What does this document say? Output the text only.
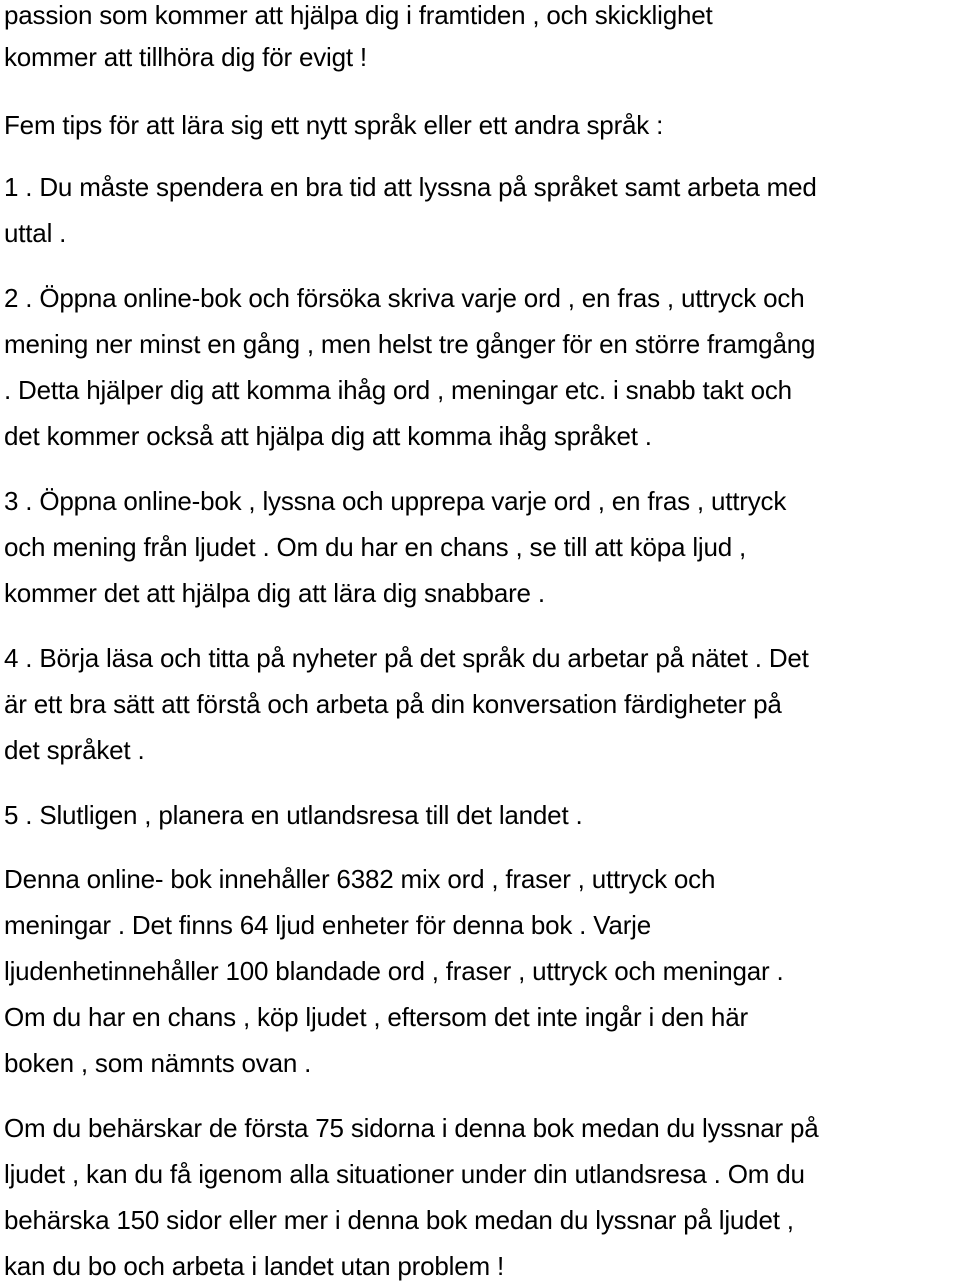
passion som kommer att hjälpa dig i framtiden , och skicklighet
kommer att tillhöra dig för evigt !
Fem tips för att lära sig ett nytt språk eller ett andra språk :
1 . Du måste spendera en bra tid att lyssna på språket samt arbeta med
uttal .
2 . Öppna online-bok och försöka skriva varje ord , en fras , uttryck och
mening ner minst en gång , men helst tre gånger för en större framgång
. Detta hjälper dig att komma ihåg ord , meningar etc. i snabb takt och
det kommer också att hjälpa dig att komma ihåg språket .
3 . Öppna online-bok , lyssna och upprepa varje ord , en fras , uttryck
och mening från ljudet . Om du har en chans , se till att köpa ljud ,
kommer det att hjälpa dig att lära dig snabbare .
4 . Börja läsa och titta på nyheter på det språk du arbetar på nätet . Det
är ett bra sätt att förstå och arbeta på din konversation färdigheter på
det språket .
5 . Slutligen , planera en utlandsresa till det landet .
Denna online- bok innehåller 6382 mix ord , fraser , uttryck och
meningar . Det finns 64 ljud enheter för denna bok . Varje
ljudenhetinnehåller 100 blandade ord , fraser , uttryck och meningar .
Om du har en chans , köp ljudet , eftersom det inte ingår i den här
boken , som nämnts ovan .
Om du behärskar de första 75 sidorna i denna bok medan du lyssnar på
ljudet , kan du få igenom alla situationer under din utlandsresa . Om du
behärska 150 sidor eller mer i denna bok medan du lyssnar på ljudet ,
kan du bo och arbeta i landet utan problem !
